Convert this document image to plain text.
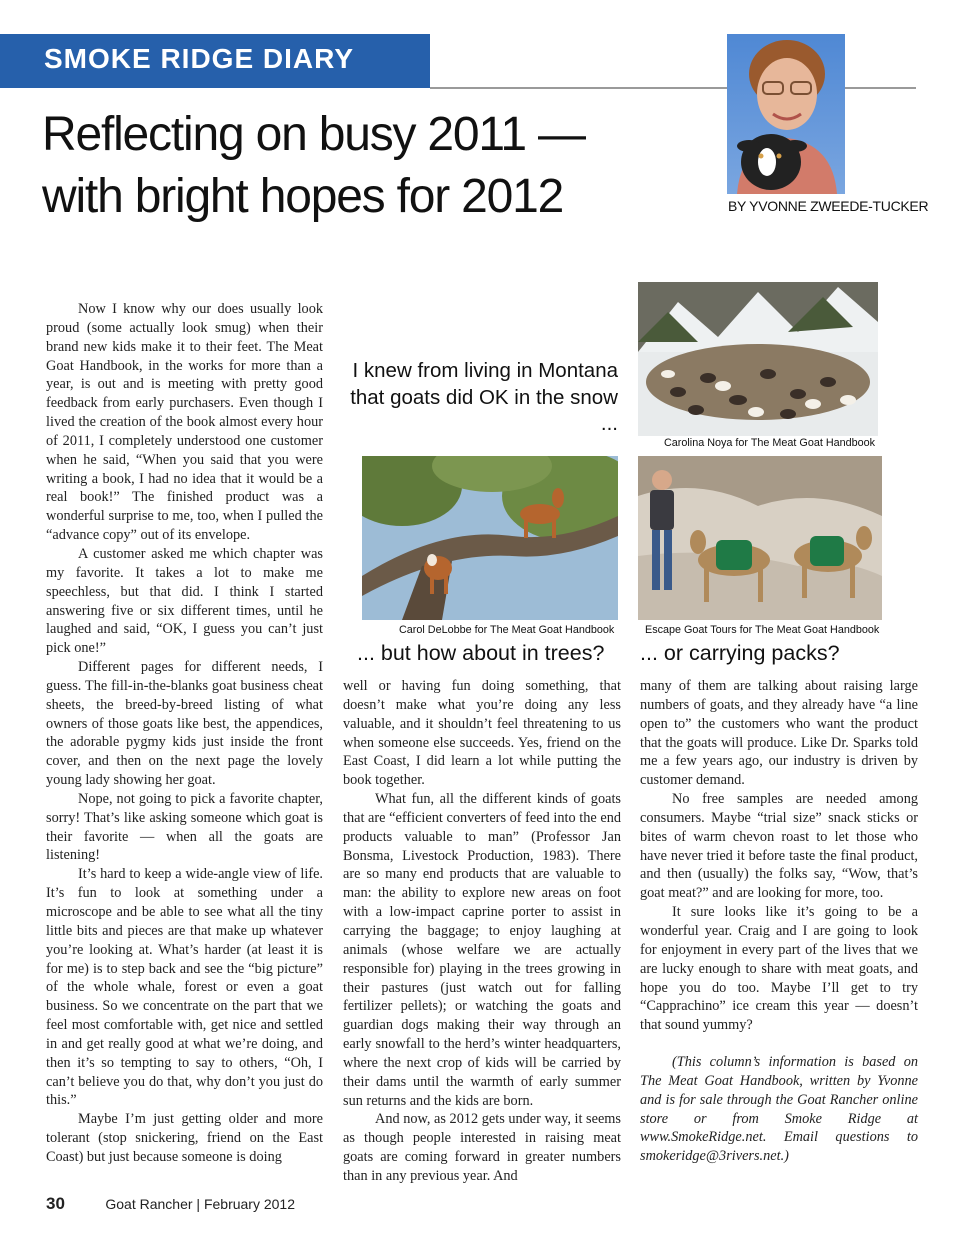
SMOKE RIDGE DIARY
Reflecting on busy 2011 —
with bright hopes for 2012	BY YVONNE ZWEEDE-TUCKER

Now I know why our does usually look proud (some actually look smug) when their brand new kids make it to their feet. The Meat Goat Handbook, in the works for more than a year, is out and is meeting with pretty good feedback from early purchasers. Even though I lived the creation of the book almost every hour of 2011, I completely understood one customer when he said, “When you said that you were writing a book, I had no idea that it would be a real book!” The finished product was a wonderful surprise to me, too, when I pulled the “advance copy” out of its envelope.

A customer asked me which chapter was my favorite. It takes a lot to make me speechless, but that did. I think I started answering five or six different times, until he laughed and said, “OK, I guess you can’t just pick one!”

Different pages for different needs, I guess. The fill-in-the-blanks goat business cheat sheets, the breed-by-breed listing of what owners of those goats like best, the appendices, the adorable pygmy kids just inside the front cover, and then on the next page the lovely young lady showing her goat.

Nope, not going to pick a favorite chapter, sorry! That’s like asking someone which goat is their favorite — when all the goats are listening!

It’s hard to keep a wide-angle view of life. It’s fun to look at something under a microscope and be able to see what all the tiny little bits and pieces are that make up whatever you’re looking at. What’s harder (at least it is for me) is to step back and see the “big picture” of the whole whale, forest or even a goat business. So we concentrate on the part that we feel most comfortable with, get nice and settled in and get really good at what we’re doing, and then it’s so tempting to say to others, “Oh, I can’t believe you do that, why don’t you just do this.”

Maybe I’m just getting older and more tolerant (stop snickering, friend on the East Coast) but just because someone is doing

I knew from living in Montana that goats did OK in the snow ...
Carolina Noya for The Meat Goat Handbook
Carol DeLobbe for The Meat Goat Handbook
... but how about in trees?
Escape Goat Tours for The Meat Goat Handbook
... or carrying packs?

well or having fun doing something, that doesn’t make what you’re doing any less valuable, and it shouldn’t feel threatening to us when someone else succeeds. Yes, friend on the East Coast, I did learn a lot while putting the book together.

What fun, all the different kinds of goats that are “efficient converters of feed into the end products valuable to man” (Professor Jan Bonsma, Livestock Production, 1983). There are so many end products that are valuable to man: the ability to explore new areas on foot with a low-impact caprine porter to assist in carrying the baggage; to enjoy laughing at animals (whose welfare we are actually responsible for) playing in the trees growing in their pastures (just watch out for falling fertilizer pellets); or watching the goats and guardian dogs making their way through an early snowfall to the herd’s winter headquarters, where the next crop of kids will be carried by their dams until the warmth of early summer sun returns and the kids are born.

And now, as 2012 gets under way, it seems as though people interested in raising meat goats are coming forward in greater numbers than in any previous year. And

many of them are talking about raising large numbers of goats, and they already have “a line open to” the customers who want the product that the goats will produce. Like Dr. Sparks told me a few years ago, our industry is driven by customer demand.

No free samples are needed among consumers. Maybe “trial size” snack sticks or bites of warm chevon roast to let those who have never tried it before taste the final product, and then (usually) the folks say, “Wow, that’s goat meat?” and are looking for more, too.

It sure looks like it’s going to be a wonderful year. Craig and I are going to look for enjoyment in every part of the lives that we are lucky enough to share with meat goats, and hope you do too. Maybe I’ll get to try “Capprachino” ice cream this year — doesn’t that sound yummy?

(This column’s information is based on The Meat Goat Handbook, written by Yvonne and is for sale through the Goat Rancher online store or from Smoke Ridge at www.SmokeRidge.net. Email questions to smokeridge@3rivers.net.)

30	Goat Rancher | February 2012
